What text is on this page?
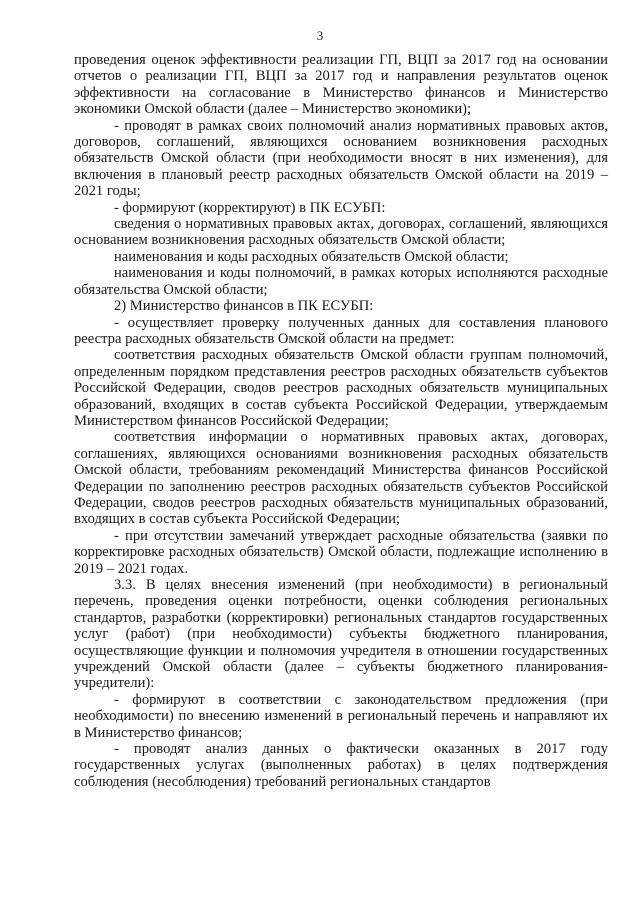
3

проведения оценок эффективности реализации ГП, ВЦП за 2017 год на основании отчетов о реализации ГП, ВЦП за 2017 год и направления результатов оценок эффективности на согласование в Министерство финансов и Министерство экономики Омской области (далее – Министерство экономики);

- проводят в рамках своих полномочий анализ нормативных правовых актов, договоров, соглашений, являющихся основанием возникновения расходных обязательств Омской области (при необходимости вносят в них изменения), для включения в плановый реестр расходных обязательств Омской области на 2019 – 2021 годы;

- формируют (корректируют) в ПК ЕСУБП:

сведения о нормативных правовых актах, договорах, соглашений, являющихся основанием возникновения расходных обязательств Омской области;

наименования и коды расходных обязательств Омской области;

наименования и коды полномочий, в рамках которых исполняются расходные обязательства Омской области;

2) Министерство финансов в ПК ЕСУБП:

- осуществляет проверку полученных данных для составления планового реестра расходных обязательств Омской области на предмет:

соответствия расходных обязательств Омской области группам полномочий, определенным порядком представления реестров расходных обязательств субъектов Российской Федерации, сводов реестров расходных обязательств муниципальных образований, входящих в состав субъекта Российской Федерации, утверждаемым Министерством финансов Российской Федерации;

соответствия информации о нормативных правовых актах, договорах, соглашениях, являющихся основаниями возникновения расходных обязательств Омской области, требованиям рекомендаций Министерства финансов Российской Федерации по заполнению реестров расходных обязательств субъектов Российской Федерации, сводов реестров расходных обязательств муниципальных образований, входящих в состав субъекта Российской Федерации;

- при отсутствии замечаний утверждает расходные обязательства (заявки по корректировке расходных обязательств) Омской области, подлежащие исполнению в 2019 – 2021 годах.

3.3. В целях внесения изменений (при необходимости) в региональный перечень, проведения оценки потребности, оценки соблюдения региональных стандартов, разработки (корректировки) региональных стандартов государственных услуг (работ) (при необходимости) субъекты бюджетного планирования, осуществляющие функции и полномочия учредителя в отношении государственных учреждений Омской области (далее – субъекты бюджетного планирования-учредители):

- формируют в соответствии с законодательством предложения (при необходимости) по внесению изменений в региональный перечень и направляют их в Министерство финансов;

- проводят анализ данных о фактически оказанных в 2017 году государственных услугах (выполненных работах) в целях подтверждения соблюдения (несоблюдения) требований региональных стандартов
